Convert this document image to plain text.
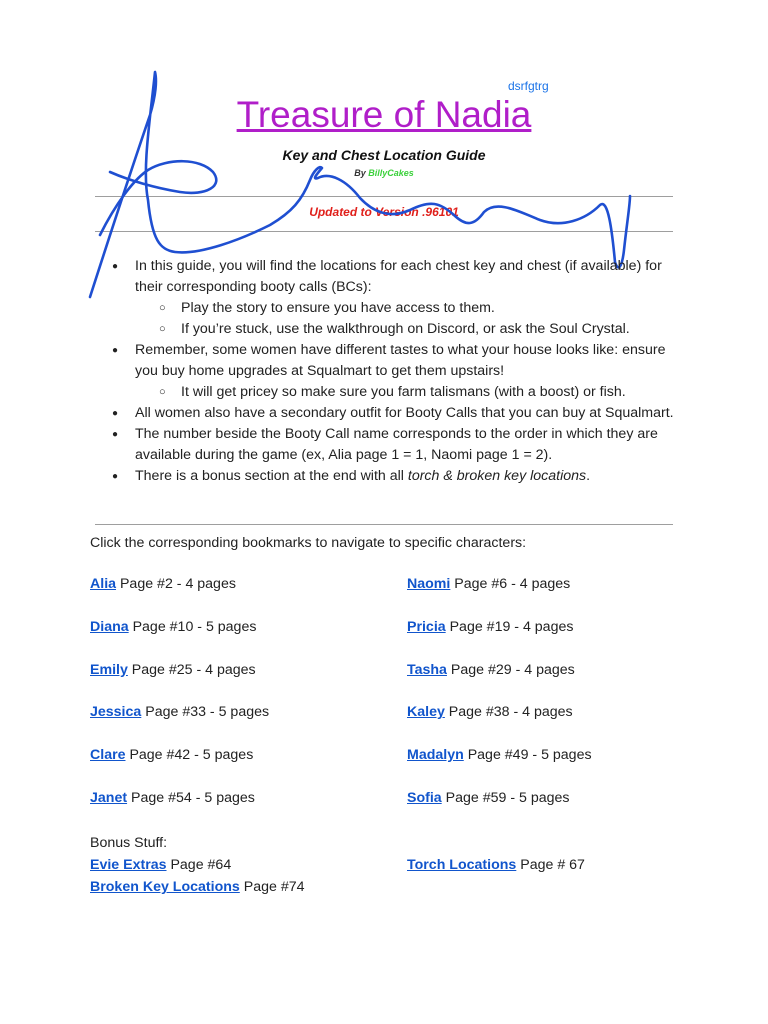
dsrfgtrg
Treasure of Nadia
Key and Chest Location Guide
By BillyCakes
Updated to Version .96101
● In this guide, you will find the locations for each chest key and chest (if available) for their corresponding booty calls (BCs):
○ Play the story to ensure you have access to them.
○ If you’re stuck, use the walkthrough on Discord, or ask the Soul Crystal.
● Remember, some women have different tastes to what your house looks like: ensure you buy home upgrades at Squalmart to get them upstairs!
○ It will get pricey so make sure you farm talismans (with a boost) or fish.
● All women also have a secondary outfit for Booty Calls that you can buy at Squalmart.
● The number beside the Booty Call name corresponds to the order in which they are available during the game (ex, Alia page 1 = 1, Naomi page 1 = 2).
● There is a bonus section at the end with all torch & broken key locations.
Click the corresponding bookmarks to navigate to specific characters:
Alia Page #2 - 4 pages	Naomi Page #6 - 4 pages
Diana Page #10 - 5 pages	Pricia Page #19 - 4 pages
Emily Page #25 - 4 pages	Tasha Page #29 - 4 pages
Jessica Page #33 - 5 pages	Kaley Page #38 - 4 pages
Clare Page #42 - 5 pages	Madalyn Page #49 - 5 pages
Janet Page #54 - 5 pages	Sofia Page #59 - 5 pages
Bonus Stuff:
Evie Extras Page #64	Torch Locations Page # 67
Broken Key Locations Page #74
